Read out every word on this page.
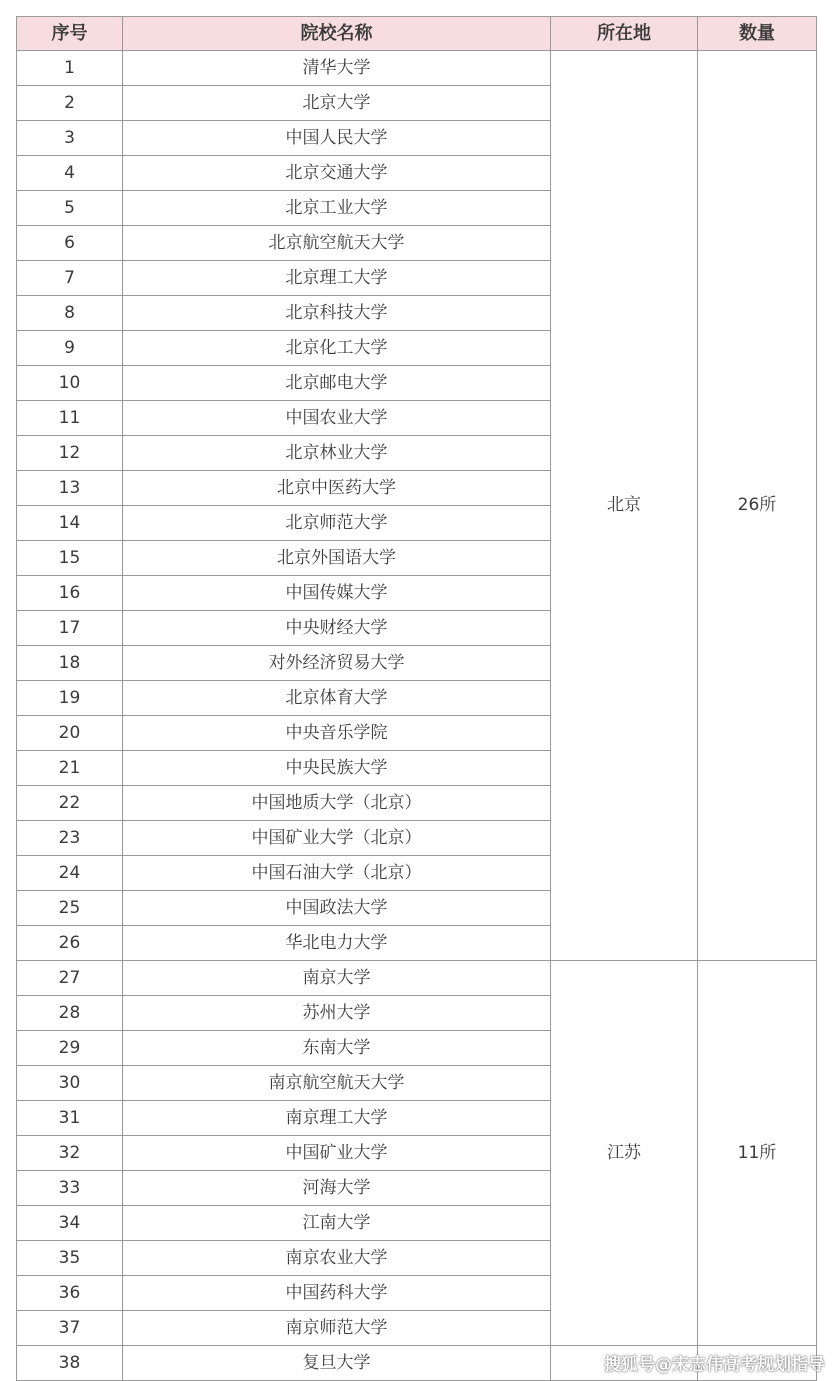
序号	院校名称	所在地	数量
1	清华大学	北京	26所
2	北京大学		
3	中国人民大学		
4	北京交通大学		
5	北京工业大学		
6	北京航空航天大学		
7	北京理工大学		
8	北京科技大学		
9	北京化工大学		
10	北京邮电大学		
11	中国农业大学		
12	北京林业大学		
13	北京中医药大学		
14	北京师范大学		
15	北京外国语大学		
16	中国传媒大学		
17	中央财经大学		
18	对外经济贸易大学		
19	北京体育大学		
20	中央音乐学院		
21	中央民族大学		
22	中国地质大学（北京）		
23	中国矿业大学（北京）		
24	中国石油大学（北京）		
25	中国政法大学		
26	华北电力大学		
27	南京大学	江苏	11所
28	苏州大学		
29	东南大学		
30	南京航空航天大学		
31	南京理工大学		
32	中国矿业大学		
33	河海大学		
34	江南大学		
35	南京农业大学		
36	中国药科大学		
37	南京师范大学		
38	复旦大学			搜狐号@宋志伟高考规划指导
